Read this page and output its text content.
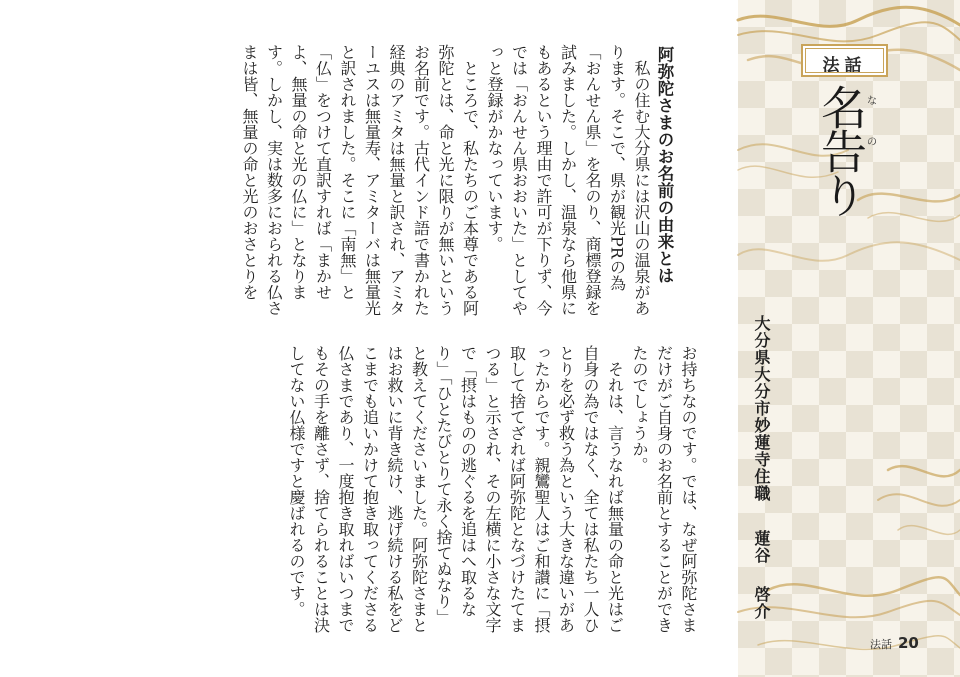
阿弥陀さまのお名前の由来とは

私の住む大分県には沢山の温泉があります。そこで、県が観光PRの為「おんせん県」を名のり、商標登録を試みました。しかし、温泉なら他県にもあるという理由で許可が下りず、今では「おんせん県おおいた」としてやっと登録がかなっています。

ところで、私たちのご本尊である阿弥陀とは、命と光に限りが無いというお名前です。古代インド語で書かれた経典のアミタは無量と訳され、アミターユスは無量寿、アミターバは無量光と訳されました。そこに「南無」と「仏」をつけて直訳すれば「まかせよ、無量の命と光の仏に」となります。しかし、実は数多におられる仏さまは皆、無量の命と光のおさとりを

お持ちなのです。では、なぜ阿弥陀さまだけがご自身のお名前とすることができたのでしょうか。

それは、言うなれば無量の命と光はご自身の為ではなく、全ては私たち一人ひとりを必ず救う為という大きな違いがあったからです。親鸞聖人はご和讃に「摂取して捨てざれば阿弥陀となづけたてまつる」と示され、その左横に小さな文字で「摂はものの逃ぐるを追はへ取るなり」「ひとたびとりて永く捨てぬなり」と教えてくださいました。阿弥陀さまとはお救いに背き続け、逃げ続ける私をどこまでも追いかけて抱き取ってくださる仏さまであり、一度抱き取ればいつまでもその手を離さず、捨てられることは決してない仏様ですと慶ばれるのです。

法話
名告り な
の
大分県大分市妙蓮寺住職
蓮谷啓介
法話 20
